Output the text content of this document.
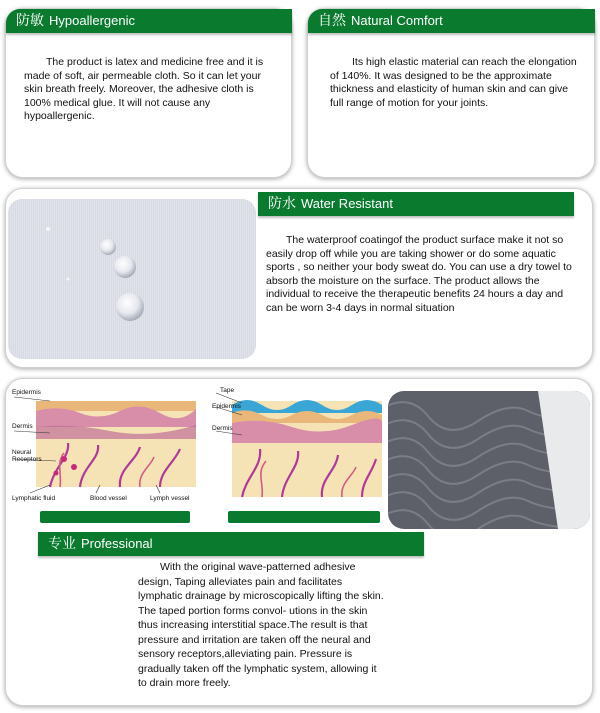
防敏 Hypoallergenic
The product is latex and medicine free and it is made of soft, air permeable cloth. So it can let your skin breath freely. Moreover, the adhesive cloth is 100% medical glue. It will not cause any hypoallergenic.
自然 Natural Comfort
Its high elastic material can reach the elongation of 140%. It was designed to be the approximate thickness and elasticity of human skin and can give full range of motion for your joints.
防水 Water Resistant
The waterproof coatingof the product surface make it not so easily drop off while you are taking shower or do some aquatic sports , so neither your body sweat do. You can use a dry towel to absorb the moisture on the surface. The product allows the individual to receive the therapeutic benefits 24 hours a day and can be worn 3-4 days in normal situation
Epidermis
Dermis
Neural
Receptors
Lymphatic fluid	Blood vessel	Lymph vessel
Tape
Epidermis
Dermis
专业 Professional
With the original wave-patterned adhesive design, Taping alleviates pain and facilitates lymphatic drainage by microscopically lifting the skin. The taped portion forms convol- utions in the skin thus increasing interstitial space.The result is that pressure and irritation are taken off the neural and sensory receptors,alleviating pain. Pressure is gradually taken off the lymphatic system, allowing it to drain more freely.
